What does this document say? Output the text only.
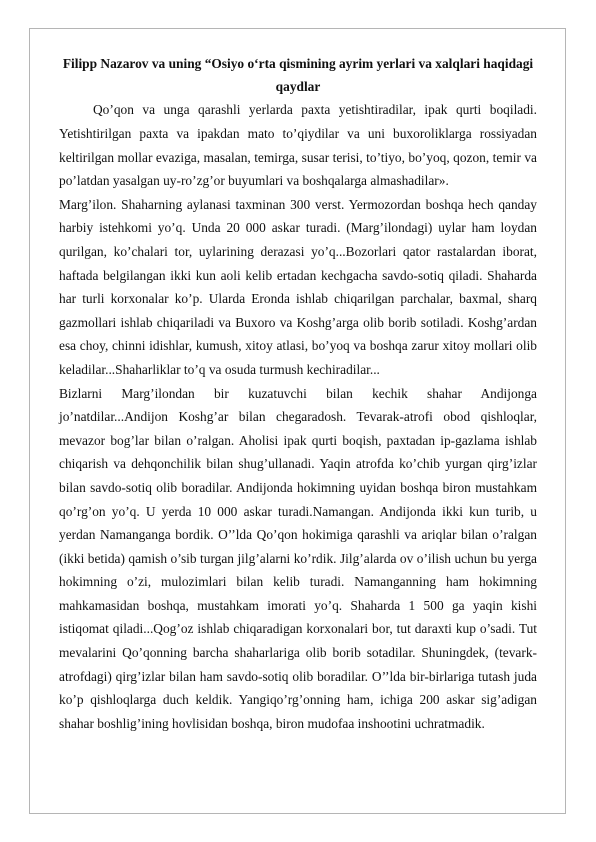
Filipp Nazarov va uning “Osiyo o‘rta qismining ayrim yerlari va xalqlari haqidagi qaydlar

Qo’qon va unga qarashli yerlarda paxta yetishtiradilar, ipak qurti boqiladi. Yetishtirilgan paxta va ipakdan mato to’qiydilar va uni buxoroliklarga rossiyadan keltirilgan mollar evaziga, masalan, temirga, susar terisi, to’tiyo, bo’yoq, qozon, temir va po’latdan yasalgan uy-ro’zg’or buyumlari va boshqalarga almashadilar».

Marg’ilon. Shaharning aylanasi taxminan 300 verst. Yermozordan boshqa hech qanday harbiy istehkomi yo’q. Unda 20 000 askar turadi. (Marg’ilondagi) uylar ham loydan qurilgan, ko’chalari tor, uylarining derazasi yo’q...Bozorlari qator rastalardan iborat, haftada belgilangan ikki kun aoli kelib ertadan kechgacha savdo-sotiq qiladi. Shaharda har turli korxonalar ko’p. Ularda Eronda ishlab chiqarilgan parchalar, baxmal, sharq gazmollari ishlab chiqariladi va Buxoro va Koshg’arga olib borib sotiladi. Koshg’ardan esa choy, chinni idishlar, kumush, xitoy atlasi, bo’yoq va boshqa zarur xitoy mollari olib keladilar...Shaharliklar to’q va osuda turmush kechiradilar...

Bizlarni Marg’ilondan bir kuzatuvchi bilan kechik shahar Andijonga jo’natdilar...Andijon Koshg’ar bilan chegaradosh. Tevarak-atrofi obod qishloqlar, mevazor bog’lar bilan o’ralgan. Aholisi ipak qurti boqish, paxtadan ip-gazlama ishlab chiqarish va dehqonchilik bilan shug’ullanadi. Yaqin atrofda ko’chib yurgan qirg’izlar bilan savdo-sotiq olib boradilar. Andijonda hokimning uyidan boshqa biron mustahkam qo’rg’on yo’q. U yerda 10 000 askar turadi.Namangan. Andijonda ikki kun turib, u yerdan Namanganga bordik. O’’lda Qo’qon hokimiga qarashli va ariqlar bilan o’ralgan (ikki betida) qamish o’sib turgan jilg’alarni ko’rdik. Jilg’alarda ov o’ilish uchun bu yerga hokimning o’zi, mulozimlari bilan kelib turadi. Namanganning ham hokimning mahkamasidan boshqa, mustahkam imorati yo’q. Shaharda 1 500 ga yaqin kishi istiqomat qiladi...Qog’oz ishlab chiqaradigan korxonalari bor, tut daraxti kup o’sadi. Tut mevalarini Qo’qonning barcha shaharlariga olib borib sotadilar. Shuningdek, (tevark-atrofdagi) qirg’izlar bilan ham savdo-sotiq olib boradilar. O’’lda bir-birlariga tutash juda ko’p qishloqlarga duch keldik. Yangiqo’rg’onning ham, ichiga 200 askar sig’adigan shahar boshlig’ining hovlisidan boshqa, biron mudofaa inshootini uchratmadik.
